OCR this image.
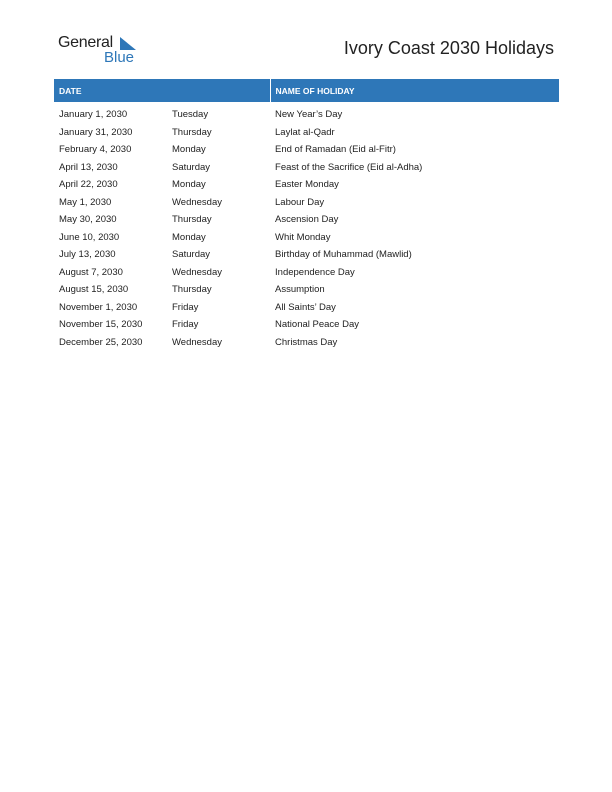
General
Blue	Ivory Coast 2030 Holidays
DATE		NAME OF HOLIDAY
January 1, 2030	Tuesday	New Year’s Day
January 31, 2030	Thursday	Laylat al-Qadr
February 4, 2030	Monday	End of Ramadan (Eid al-Fitr)
April 13, 2030	Saturday	Feast of the Sacrifice (Eid al-Adha)
April 22, 2030	Monday	Easter Monday
May 1, 2030	Wednesday	Labour Day
May 30, 2030	Thursday	Ascension Day
June 10, 2030	Monday	Whit Monday
July 13, 2030	Saturday	Birthday of Muhammad (Mawlid)
August 7, 2030	Wednesday	Independence Day
August 15, 2030	Thursday	Assumption
November 1, 2030	Friday	All Saints’ Day
November 15, 2030	Friday	National Peace Day
December 25, 2030	Wednesday	Christmas Day
